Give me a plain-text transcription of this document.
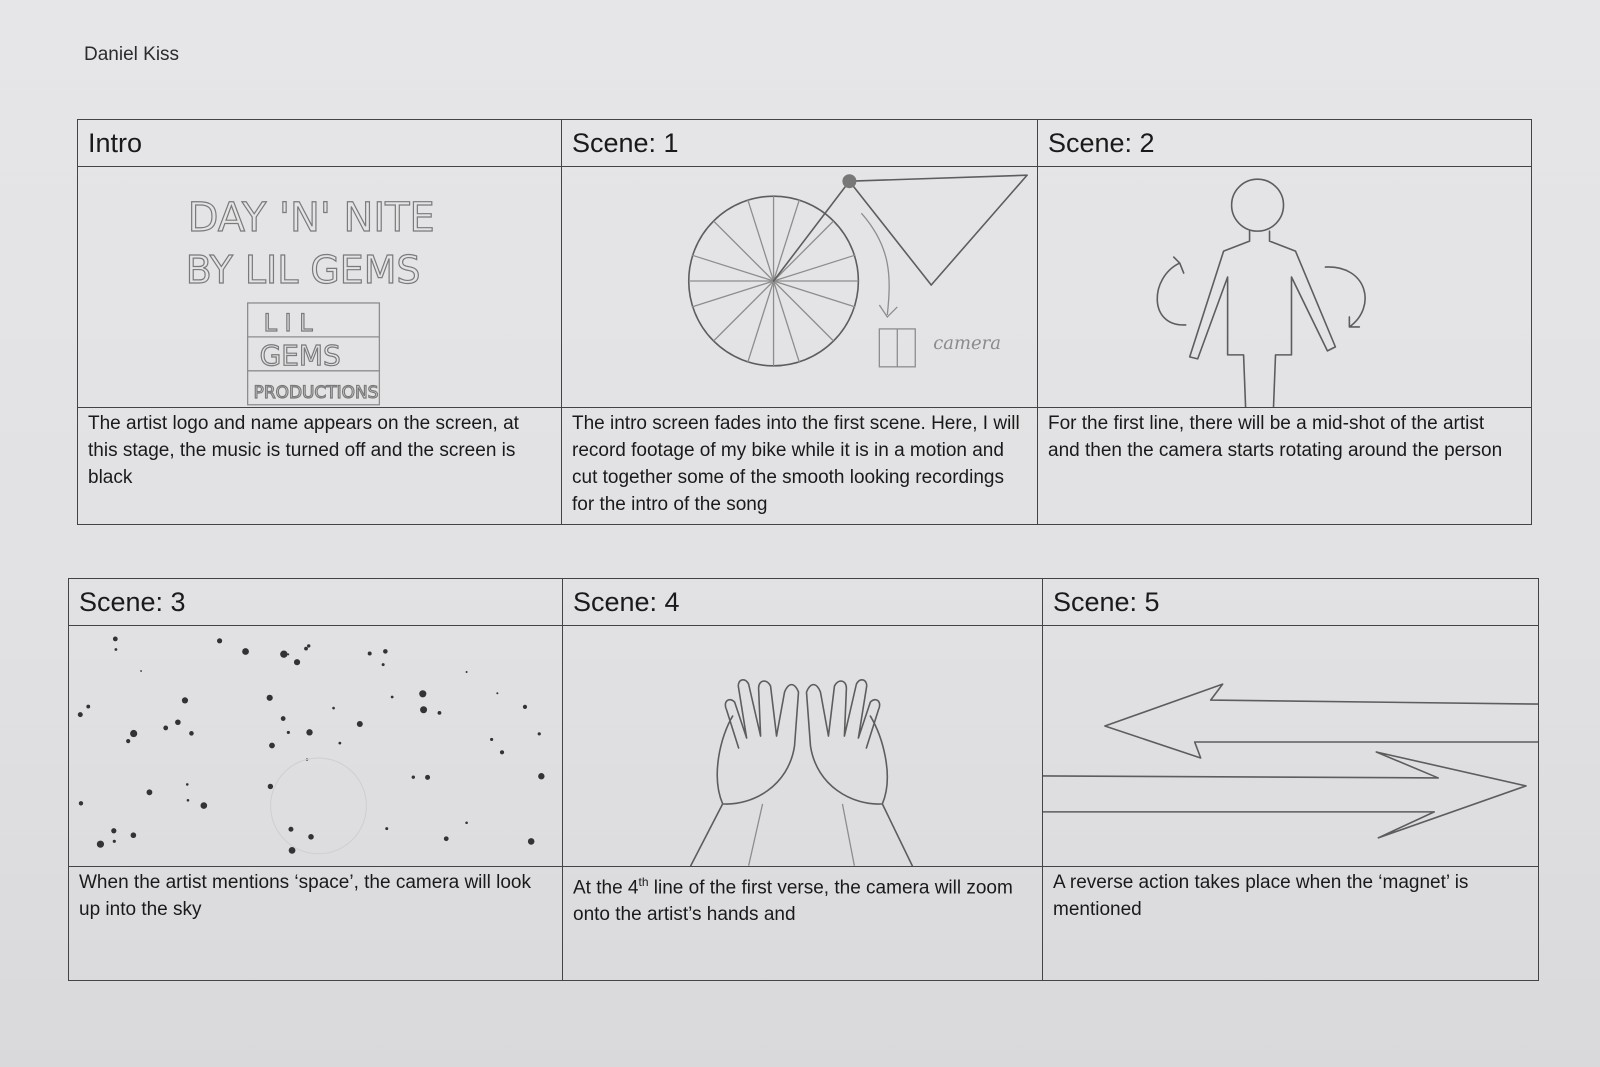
Daniel Kiss
Intro	Scene: 1	Scene: 2

DAY 'N' NITE
BY LIL GEMS
L I L
GEMS
PRODUCTIONS	camera

The artist logo and name appears on the screen, at this stage, the music is turned off and the screen is black	The intro screen fades into the first scene. Here, I will record footage of my bike while it is in a motion and cut together some of the smooth looking recordings for the intro of the song	For the first line, there will be a mid-shot of the artist and then the camera starts rotating around the person
Scene: 3	Scene: 4	Scene: 5

When the artist mentions ‘space’, the camera will look up into the sky	At the 4th line of the first verse, the camera will zoom onto the artist’s hands and	A reverse action takes place when the ‘magnet’ is mentioned
